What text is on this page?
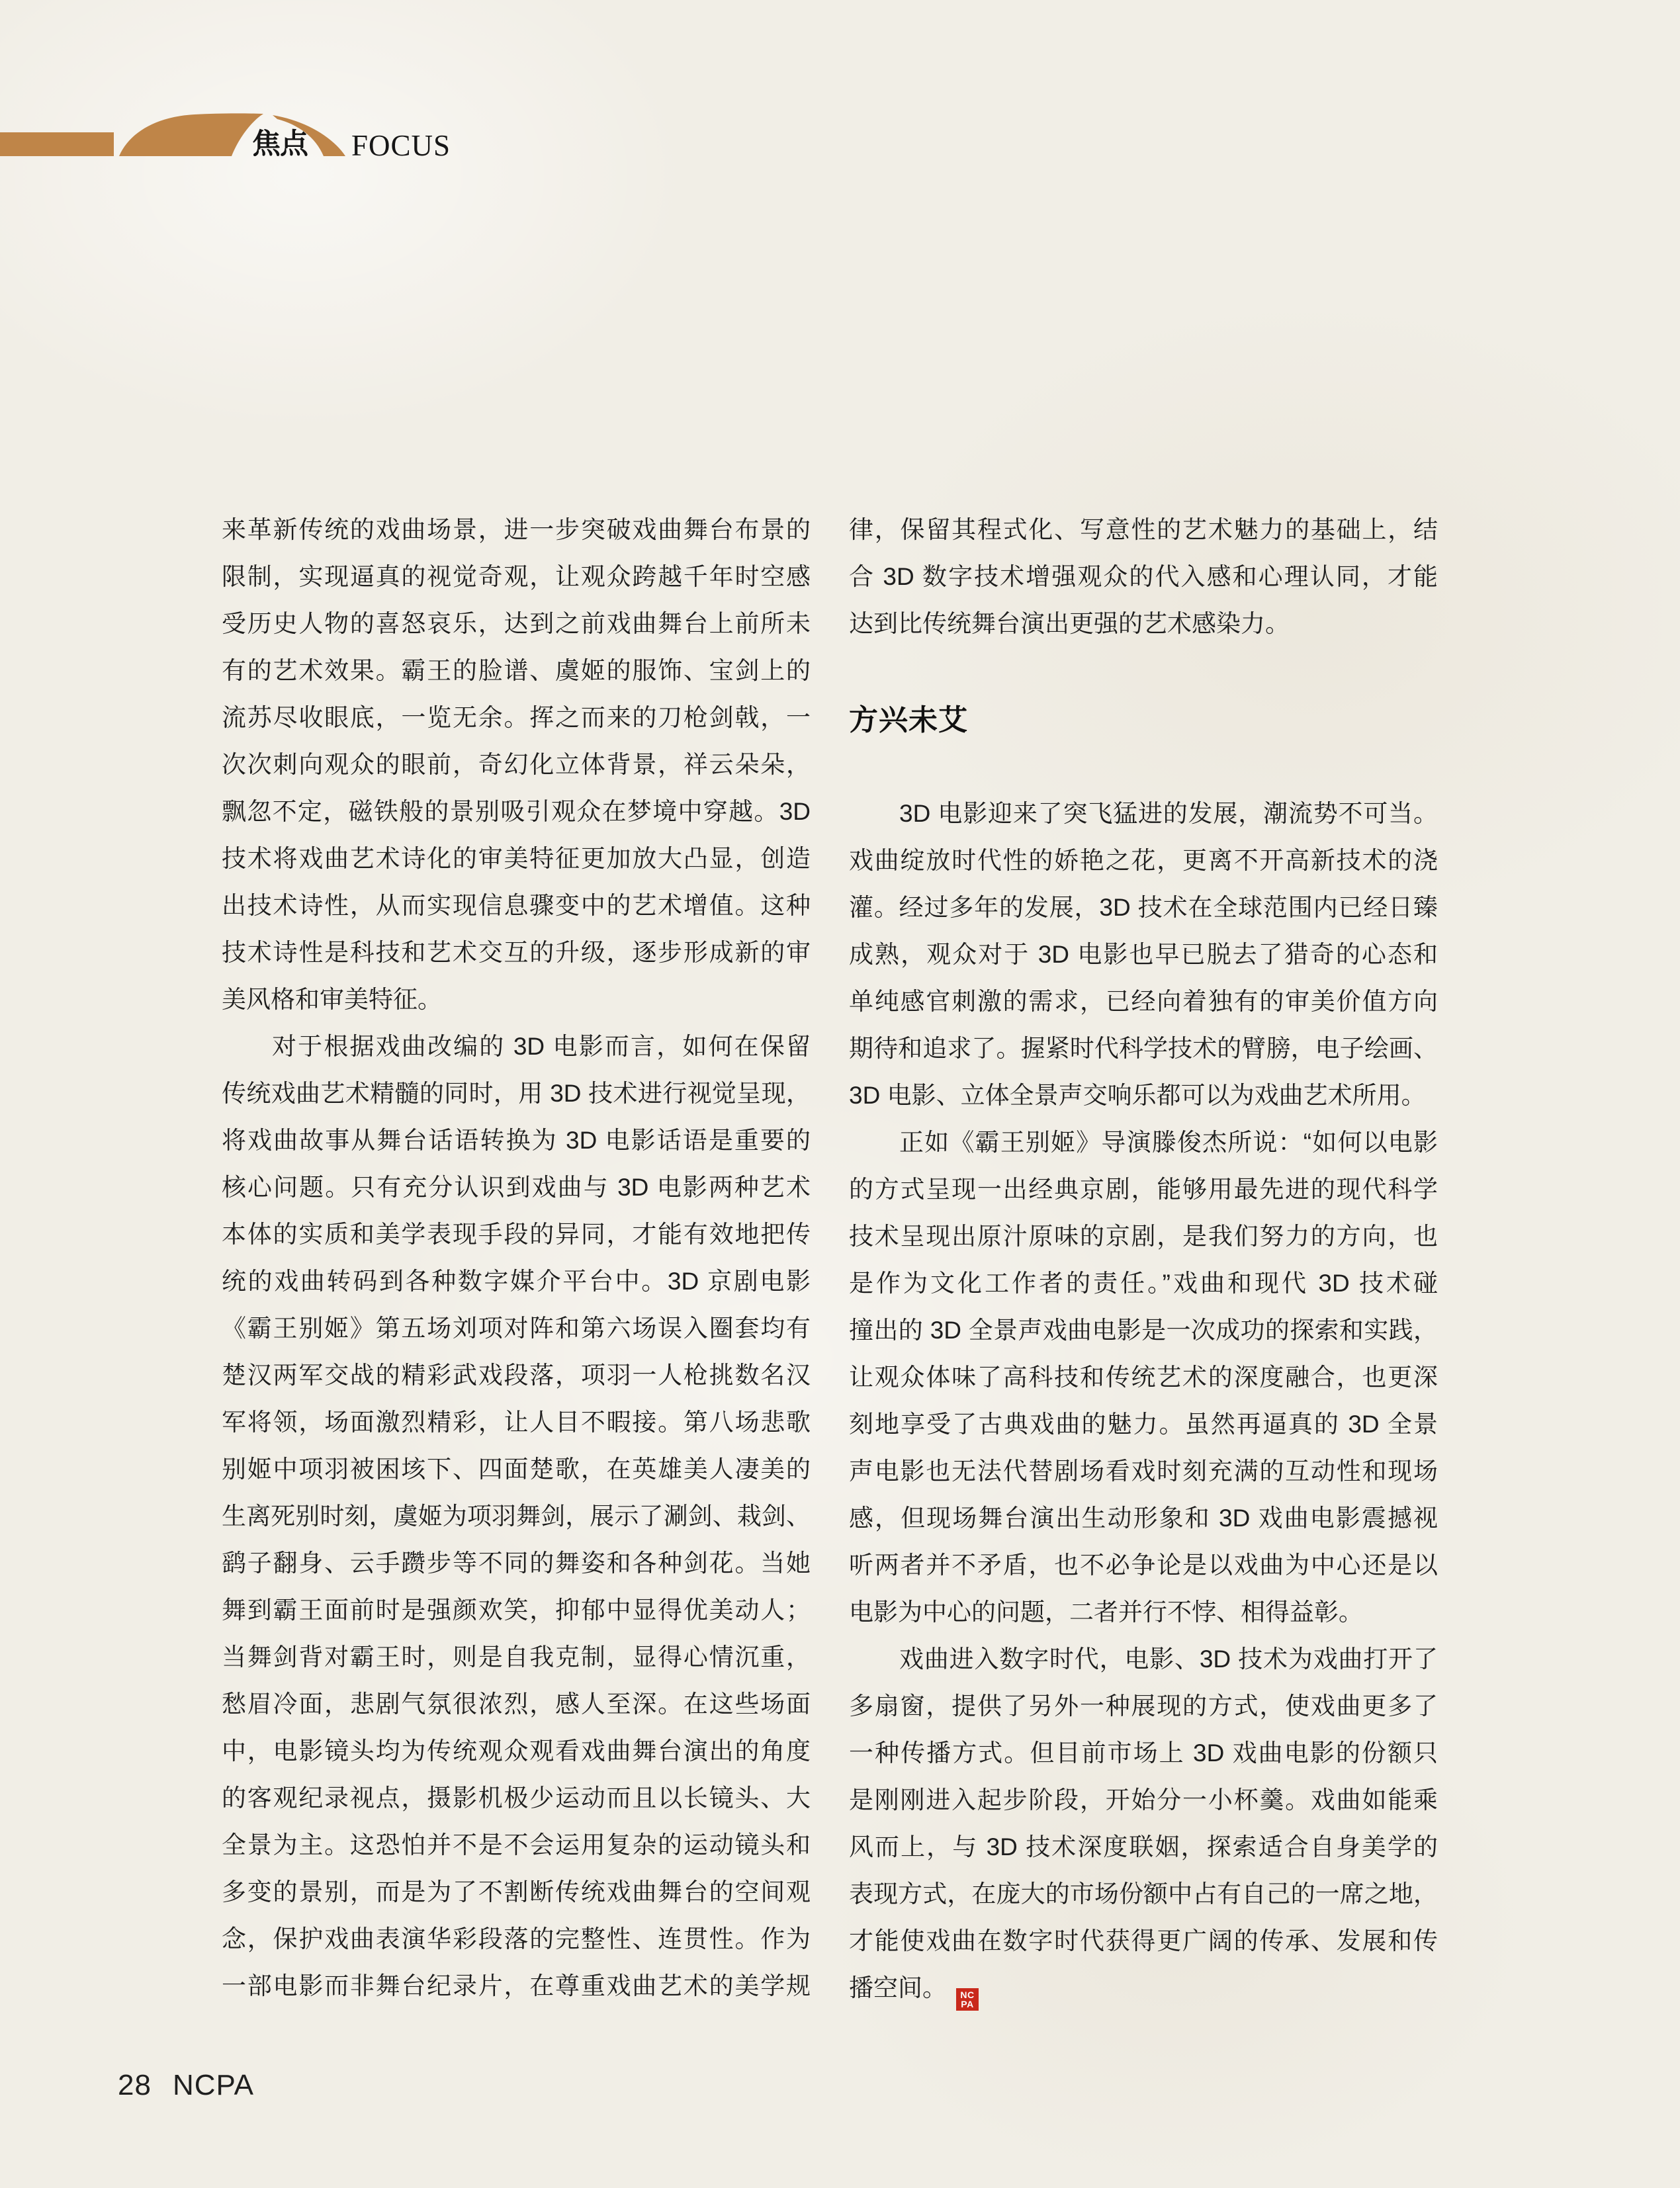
焦点 FOCUS
来革新传统的戏曲场景，进一步突破戏曲舞台布景的
限制，实现逼真的视觉奇观，让观众跨越千年时空感
受历史人物的喜怒哀乐，达到之前戏曲舞台上前所未
有的艺术效果。霸王的脸谱、虞姬的服饰、宝剑上的
流苏尽收眼底，一览无余。挥之而来的刀枪剑戟，一
次次刺向观众的眼前，奇幻化立体背景，祥云朵朵，
飘忽不定，磁铁般的景别吸引观众在梦境中穿越。3D
技术将戏曲艺术诗化的审美特征更加放大凸显，创造
出技术诗性，从而实现信息骤变中的艺术增值。这种
技术诗性是科技和艺术交互的升级，逐步形成新的审
美风格和审美特征。
对于根据戏曲改编的 3D 电影而言，如何在保留
传统戏曲艺术精髓的同时，用 3D 技术进行视觉呈现，
将戏曲故事从舞台话语转换为 3D 电影话语是重要的
核心问题。只有充分认识到戏曲与 3D 电影两种艺术
本体的实质和美学表现手段的异同，才能有效地把传
统的戏曲转码到各种数字媒介平台中。3D 京剧电影
《霸王别姬》第五场刘项对阵和第六场误入圈套均有
楚汉两军交战的精彩武戏段落，项羽一人枪挑数名汉
军将领，场面激烈精彩，让人目不暇接。第八场悲歌
别姬中项羽被困垓下、四面楚歌，在英雄美人凄美的
生离死别时刻，虞姬为项羽舞剑，展示了涮剑、栽剑、
鹞子翻身、云手躜步等不同的舞姿和各种剑花。当她
舞到霸王面前时是强颜欢笑，抑郁中显得优美动人；
当舞剑背对霸王时，则是自我克制，显得心情沉重，
愁眉冷面，悲剧气氛很浓烈，感人至深。在这些场面
中，电影镜头均为传统观众观看戏曲舞台演出的角度
的客观纪录视点，摄影机极少运动而且以长镜头、大
全景为主。这恐怕并不是不会运用复杂的运动镜头和
多变的景别，而是为了不割断传统戏曲舞台的空间观
念，保护戏曲表演华彩段落的完整性、连贯性。作为
一部电影而非舞台纪录片，在尊重戏曲艺术的美学规
律，保留其程式化、写意性的艺术魅力的基础上，结
合 3D 数字技术增强观众的代入感和心理认同，才能
达到比传统舞台演出更强的艺术感染力。
方兴未艾
3D 电影迎来了突飞猛进的发展，潮流势不可当。
戏曲绽放时代性的娇艳之花，更离不开高新技术的浇
灌。经过多年的发展，3D 技术在全球范围内已经日臻
成熟，观众对于 3D 电影也早已脱去了猎奇的心态和
单纯感官刺激的需求，已经向着独有的审美价值方向
期待和追求了。握紧时代科学技术的臂膀，电子绘画、
3D 电影、立体全景声交响乐都可以为戏曲艺术所用。
正如《霸王别姬》导演滕俊杰所说：“如何以电影
的方式呈现一出经典京剧，能够用最先进的现代科学
技术呈现出原汁原味的京剧，是我们努力的方向，也
是作为文化工作者的责任。”戏曲和现代 3D 技术碰
撞出的 3D 全景声戏曲电影是一次成功的探索和实践，
让观众体味了高科技和传统艺术的深度融合，也更深
刻地享受了古典戏曲的魅力。虽然再逼真的 3D 全景
声电影也无法代替剧场看戏时刻充满的互动性和现场
感，但现场舞台演出生动形象和 3D 戏曲电影震撼视
听两者并不矛盾，也不必争论是以戏曲为中心还是以
电影为中心的问题，二者并行不悖、相得益彰。
戏曲进入数字时代，电影、3D 技术为戏曲打开了
多扇窗，提供了另外一种展现的方式，使戏曲更多了
一种传播方式。但目前市场上 3D 戏曲电影的份额只
是刚刚进入起步阶段，开始分一小杯羹。戏曲如能乘
风而上，与 3D 技术深度联姻，探索适合自身美学的
表现方式，在庞大的市场份额中占有自己的一席之地，
才能使戏曲在数字时代获得更广阔的传承、发展和传
播空间。 NC
PA
28 NCPA
